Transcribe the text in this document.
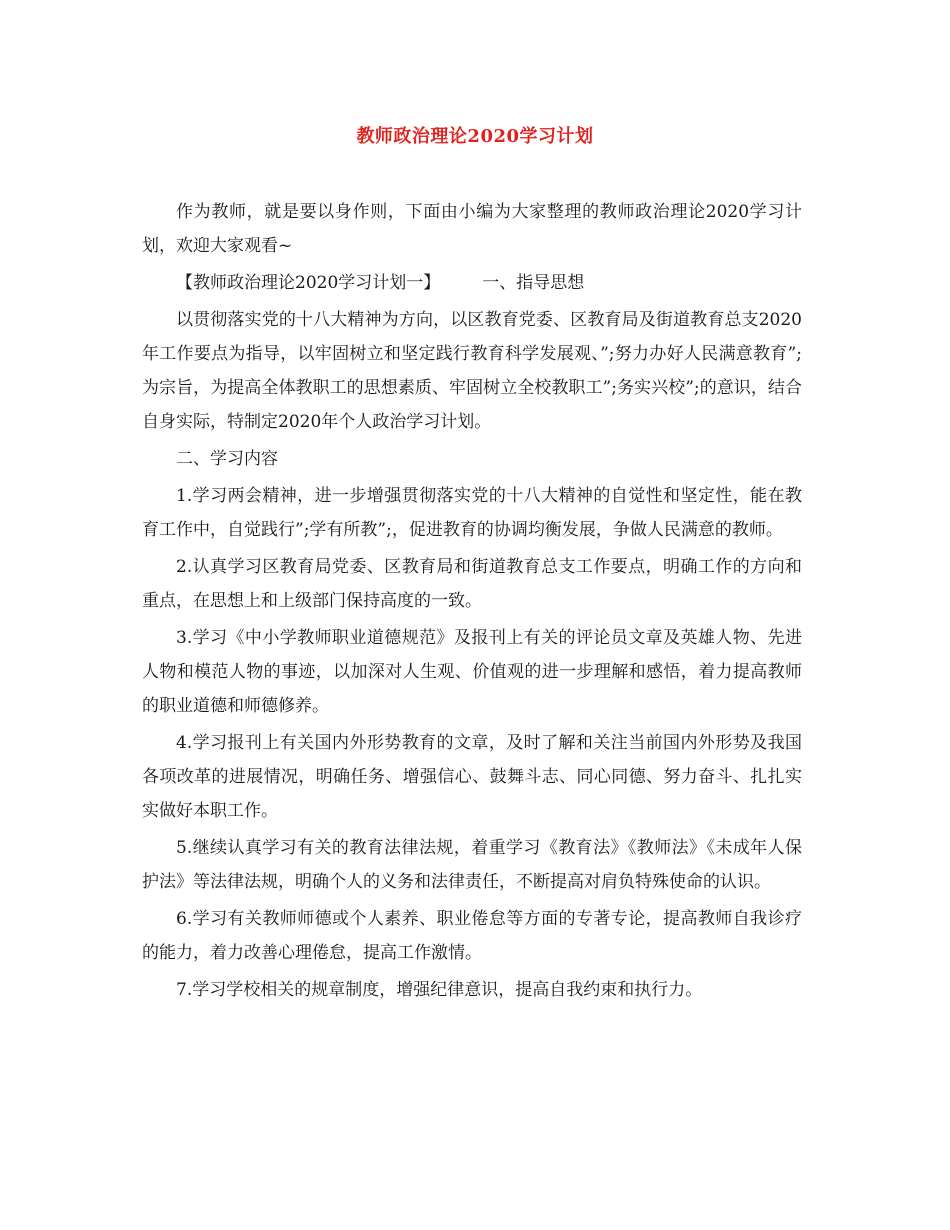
教师政治理论2020学习计划

作为教师，就是要以身作则，下面由小编为大家整理的教师政治理论2020学习计划，欢迎大家观看~

【教师政治理论2020学习计划一】 一、指导思想

以贯彻落实党的十八大精神为方向，以区教育党委、区教育局及街道教育总支2020年工作要点为指导，以牢固树立和坚定践行教育科学发展观、”;努力办好人民满意教育”;为宗旨，为提高全体教职工的思想素质、牢固树立全校教职工”;务实兴校”;的意识，结合自身实际，特制定2020年个人政治学习计划。

二、学习内容

1.学习两会精神，进一步增强贯彻落实党的十八大精神的自觉性和坚定性，能在教育工作中，自觉践行”;学有所教”;，促进教育的协调均衡发展，争做人民满意的教师。

2.认真学习区教育局党委、区教育局和街道教育总支工作要点，明确工作的方向和重点，在思想上和上级部门保持高度的一致。

3.学习《中小学教师职业道德规范》及报刊上有关的评论员文章及英雄人物、先进人物和模范人物的事迹，以加深对人生观、价值观的进一步理解和感悟，着力提高教师的职业道德和师德修养。

4.学习报刊上有关国内外形势教育的文章，及时了解和关注当前国内外形势及我国各项改革的进展情况，明确任务、增强信心、鼓舞斗志、同心同德、努力奋斗、扎扎实实做好本职工作。

5.继续认真学习有关的教育法律法规，着重学习《教育法》《教师法》《未成年人保护法》等法律法规，明确个人的义务和法律责任，不断提高对肩负特殊使命的认识。

6.学习有关教师师德或个人素养、职业倦怠等方面的专著专论，提高教师自我诊疗的能力，着力改善心理倦怠，提高工作激情。

7.学习学校相关的规章制度，增强纪律意识，提高自我约束和执行力。
